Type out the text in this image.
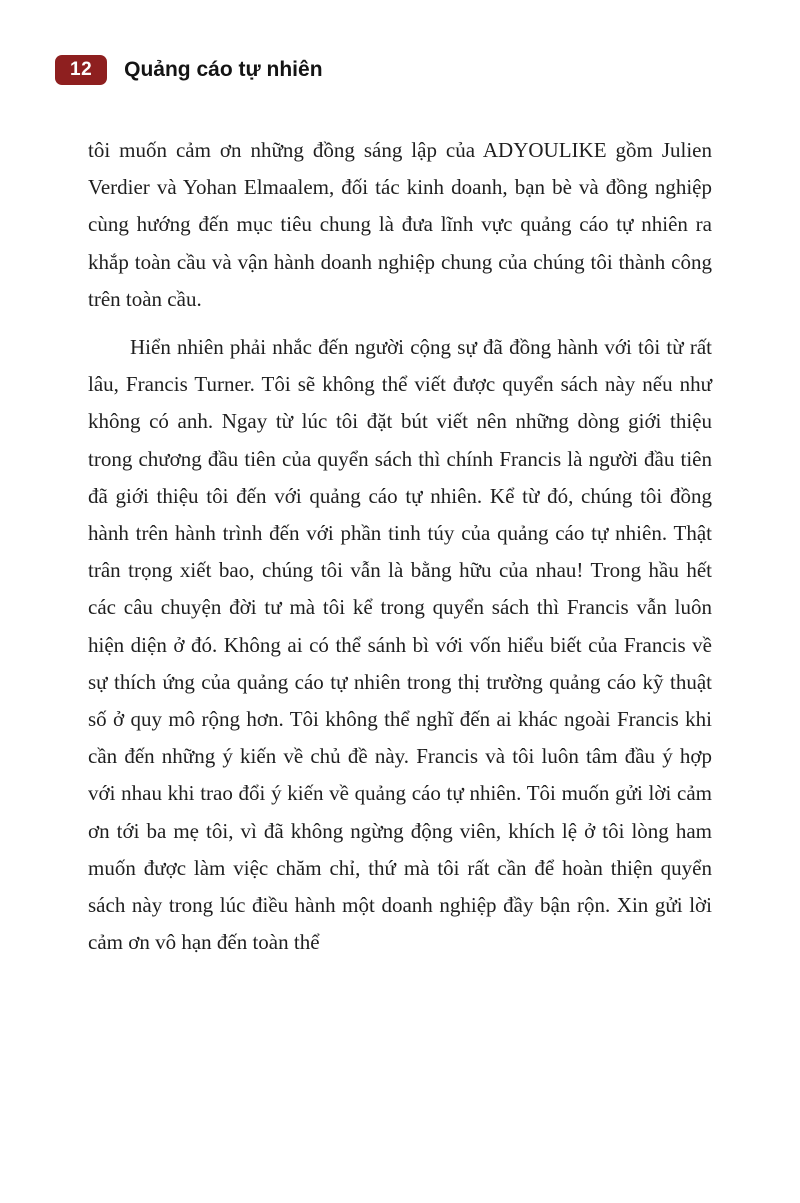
12	Quảng cáo tự nhiên

tôi muốn cảm ơn những đồng sáng lập của ADYOULIKE gồm Julien Verdier và Yohan Elmaalem, đối tác kinh doanh, bạn bè và đồng nghiệp cùng hướng đến mục tiêu chung là đưa lĩnh vực quảng cáo tự nhiên ra khắp toàn cầu và vận hành doanh nghiệp chung của chúng tôi thành công trên toàn cầu.

Hiển nhiên phải nhắc đến người cộng sự đã đồng hành với tôi từ rất lâu, Francis Turner. Tôi sẽ không thể viết được quyển sách này nếu như không có anh. Ngay từ lúc tôi đặt bút viết nên những dòng giới thiệu trong chương đầu tiên của quyển sách thì chính Francis là người đầu tiên đã giới thiệu tôi đến với quảng cáo tự nhiên. Kể từ đó, chúng tôi đồng hành trên hành trình đến với phần tinh túy của quảng cáo tự nhiên. Thật trân trọng xiết bao, chúng tôi vẫn là bằng hữu của nhau! Trong hầu hết các câu chuyện đời tư mà tôi kể trong quyển sách thì Francis vẫn luôn hiện diện ở đó. Không ai có thể sánh bì với vốn hiểu biết của Francis về sự thích ứng của quảng cáo tự nhiên trong thị trường quảng cáo kỹ thuật số ở quy mô rộng hơn. Tôi không thể nghĩ đến ai khác ngoài Francis khi cần đến những ý kiến về chủ đề này. Francis và tôi luôn tâm đầu ý hợp với nhau khi trao đổi ý kiến về quảng cáo tự nhiên. Tôi muốn gửi lời cảm ơn tới ba mẹ tôi, vì đã không ngừng động viên, khích lệ ở tôi lòng ham muốn được làm việc chăm chỉ, thứ mà tôi rất cần để hoàn thiện quyển sách này trong lúc điều hành một doanh nghiệp đầy bận rộn. Xin gửi lời cảm ơn vô hạn đến toàn thể
